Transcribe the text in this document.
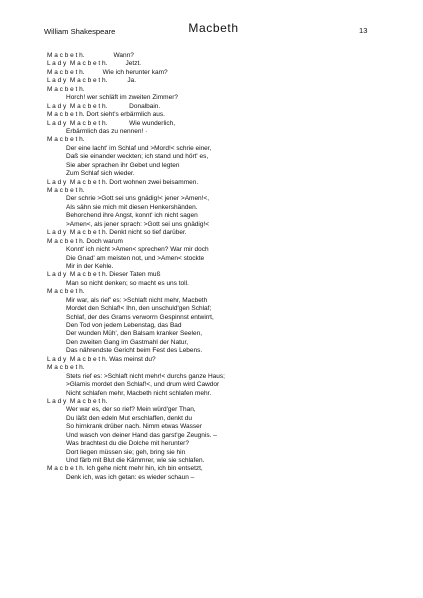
William Shakespeare	Macbeth	13
M a c b e t h.	Wann?
L a d y  M a c b e t h.	Jetzt.
M a c b e t h.	Wie ich herunter kam?
L a d y  M a c b e t h.	Ja.
M a c b e t h.
Horch! wer schläft im zweiten Zimmer?
L a d y  M a c b e t h.	Donalbain.
M a c b e t h. Dort sieht's erbärmlich aus.
L a d y  M a c b e t h.	Wie wunderlich,
Erbärmlich das zu nennen! ·
M a c b e t h.
Der eine lacht' im Schlaf und >Mord!< schrie einer,
Daß sie einander weckten; ich stand und hört' es,
Sie aber sprachen ihr Gebet und legten
Zum Schlaf sich wieder.
L a d y  M a c b e t h. Dort wohnen zwei beisammen.
M a c b e t h.
Der schrie >Gott sei uns gnädig!< jener >Amen!<,
Als sähn sie mich mit diesen Henkershänden.
Behorchend ihre Angst, konnt' ich nicht sagen
>Amen<, als jener sprach: >Gott sei uns gnädig!<
L a d y  M a c b e t h. Denkt nicht so tief darüber.
M a c b e t h. Doch warum
Konnt' ich nicht >Amen< sprechen? War mir doch
Die Gnad' am meisten not, und >Amen< stockte
Mir in der Kehle.
L a d y  M a c b e t h. Dieser Taten muß
Man so nicht denken; so macht es uns toll.
M a c b e t h.
Mir war, als rief' es: >Schlaft nicht mehr, Macbeth
Mordet den Schlaf!< Ihn, den unschuld'gen Schlaf;
Schlaf, der des Grams verworrn Gespinnst entwirrt,
Den Tod von jedem Lebenstag, das Bad
Der wunden Müh', den Balsam kranker Seelen,
Den zweiten Gang im Gastmahl der Natur,
Das nährendste Gericht beim Fest des Lebens.
L a d y  M a c b e t h. Was meinst du?
M a c b e t h.
Stets rief es: >Schlaft nicht mehr!< durchs ganze Haus;
>Glamis mordet den Schlaf!<, und drum wird Cawdor
Nicht schlafen mehr, Macbeth nicht schlafen mehr.
L a d y  M a c b e t h.
Wer war es, der so rief? Mein würd'ger Than,
Du läßt den edeln Mut erschlaffen, denkt du
So hirnkrank drüber nach. Nimm etwas Wasser
Und wasch von deiner Hand das garst'ge Zeugnis. –
Was brachtest du die Dolche mit herunter?
Dort liegen müssen sie; geh, bring sie hin
Und färb mit Blut die Kämmrer, wie sie schlafen.
M a c b e t h. Ich gehe nicht mehr hin, ich bin entsetzt,
Denk ich, was ich getan: es wieder schaun –
